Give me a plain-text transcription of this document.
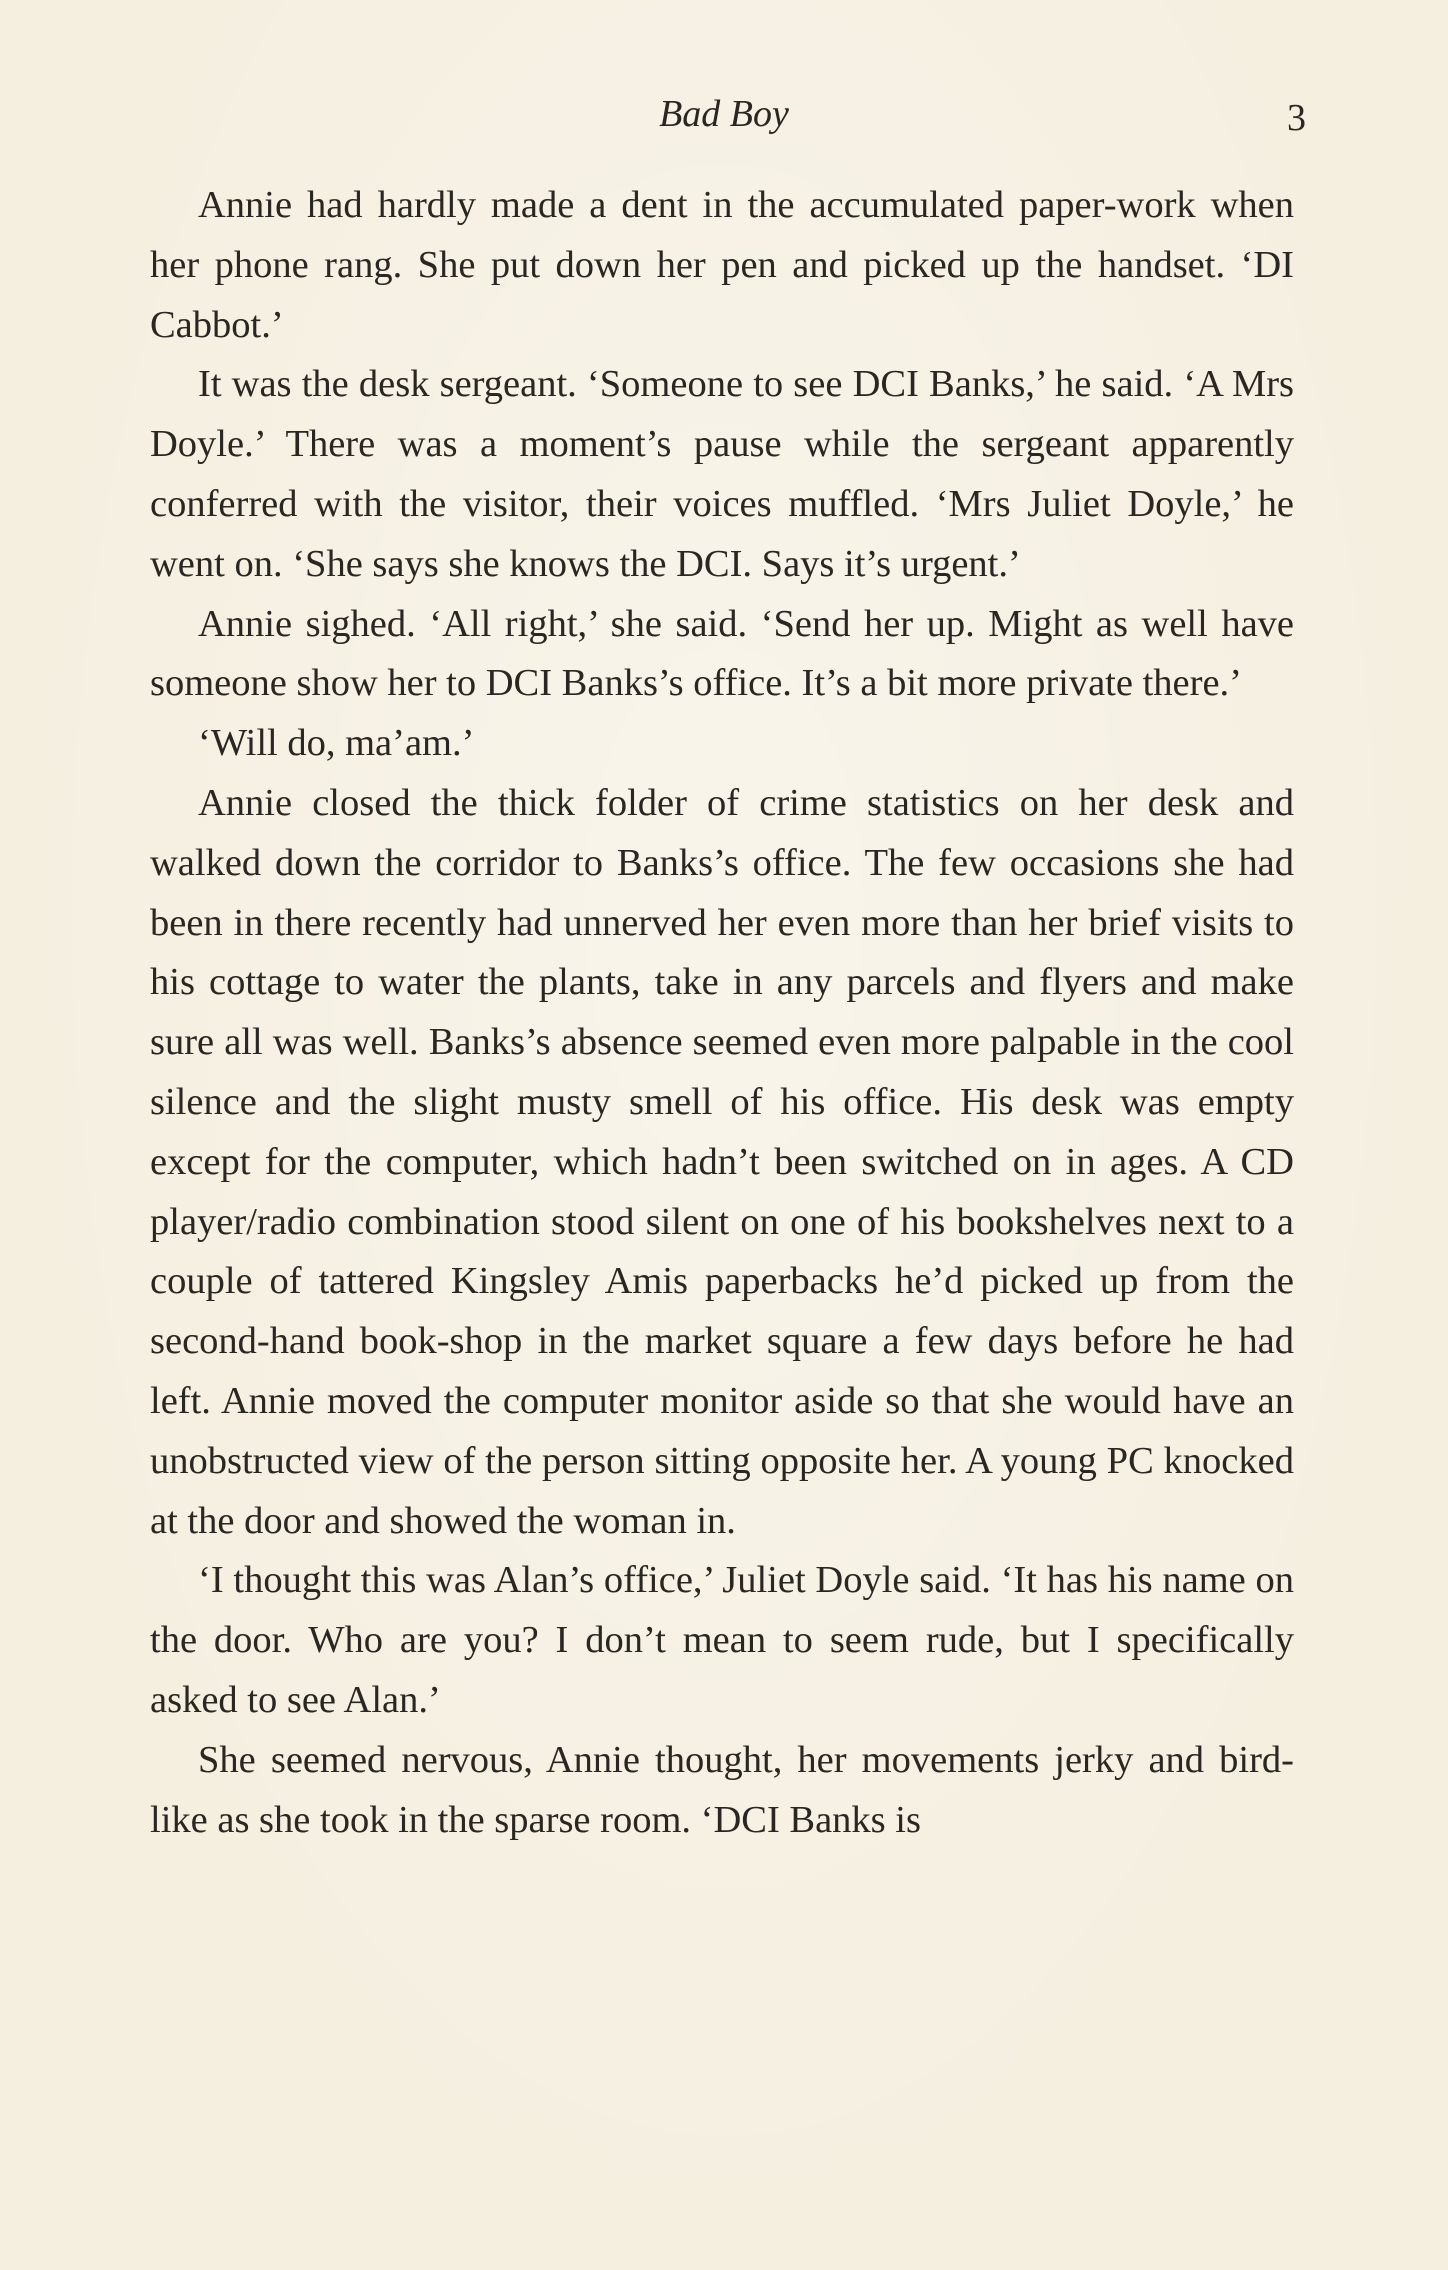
Bad Boy	3

Annie had hardly made a dent in the accumulated paper-work when her phone rang. She put down her pen and picked up the handset. ‘DI Cabbot.’

It was the desk sergeant. ‘Someone to see DCI Banks,’ he said. ‘A Mrs Doyle.’ There was a moment’s pause while the sergeant apparently conferred with the visitor, their voices muffled. ‘Mrs Juliet Doyle,’ he went on. ‘She says she knows the DCI. Says it’s urgent.’

Annie sighed. ‘All right,’ she said. ‘Send her up. Might as well have someone show her to DCI Banks’s office. It’s a bit more private there.’

‘Will do, ma’am.’

Annie closed the thick folder of crime statistics on her desk and walked down the corridor to Banks’s office. The few occasions she had been in there recently had unnerved her even more than her brief visits to his cottage to water the plants, take in any parcels and flyers and make sure all was well. Banks’s absence seemed even more palpable in the cool silence and the slight musty smell of his office. His desk was empty except for the computer, which hadn’t been switched on in ages. A CD player/radio combination stood silent on one of his bookshelves next to a couple of tattered Kingsley Amis paperbacks he’d picked up from the second-hand book-shop in the market square a few days before he had left. Annie moved the computer monitor aside so that she would have an unobstructed view of the person sitting opposite her. A young PC knocked at the door and showed the woman in.

‘I thought this was Alan’s office,’ Juliet Doyle said. ‘It has his name on the door. Who are you? I don’t mean to seem rude, but I specifically asked to see Alan.’

She seemed nervous, Annie thought, her movements jerky and bird-like as she took in the sparse room. ‘DCI Banks is
